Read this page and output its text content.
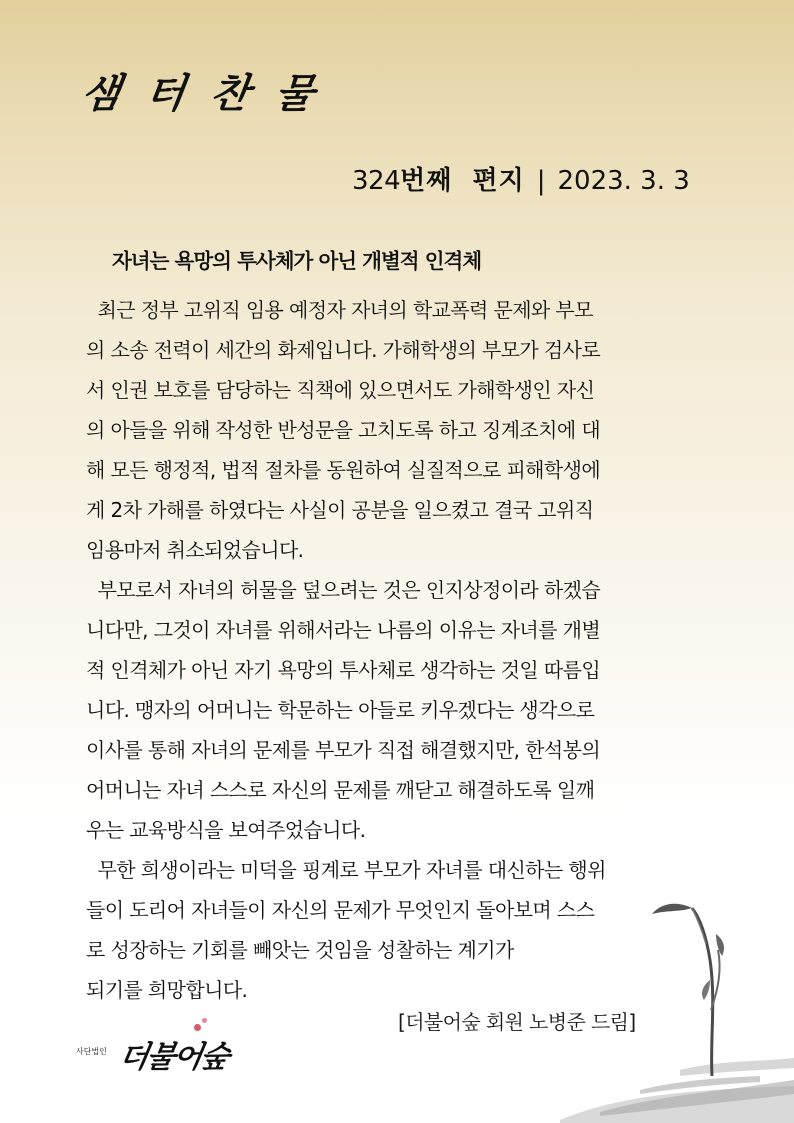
샘 터 찬 물
324번째  편지 | 2023. 3. 3
자녀는 욕망의 투사체가 아닌 개별적 인격체
최근 정부 고위직 임용 예정자 자녀의 학교폭력 문제와 부모
의 소송 전력이 세간의 화제입니다. 가해학생의 부모가 검사로
서 인권 보호를 담당하는 직책에 있으면서도 가해학생인 자신
의 아들을 위해 작성한 반성문을 고치도록 하고 징계조치에 대
해 모든 행정적, 법적 절차를 동원하여 실질적으로 피해학생에
게 2차 가해를 하였다는 사실이 공분을 일으켰고 결국 고위직
임용마저 취소되었습니다.
부모로서 자녀의 허물을 덮으려는 것은 인지상정이라 하겠습
니다만, 그것이 자녀를 위해서라는 나름의 이유는 자녀를 개별
적 인격체가 아닌 자기 욕망의 투사체로 생각하는 것일 따름입
니다. 맹자의 어머니는 학문하는 아들로 키우겠다는 생각으로
이사를 통해 자녀의 문제를 부모가 직접 해결했지만, 한석봉의
어머니는 자녀 스스로 자신의 문제를 깨닫고 해결하도록 일깨
우는 교육방식을 보여주었습니다.
무한 희생이라는 미덕을 핑계로 부모가 자녀를 대신하는 행위
들이 도리어 자녀들이 자신의 문제가 무엇인지 돌아보며 스스
로 성장하는 기회를 빼앗는 것임을 성찰하는 계기가
되기를 희망합니다.
[더불어숲 회원 노병준 드림]
사단법인 더불어숲
